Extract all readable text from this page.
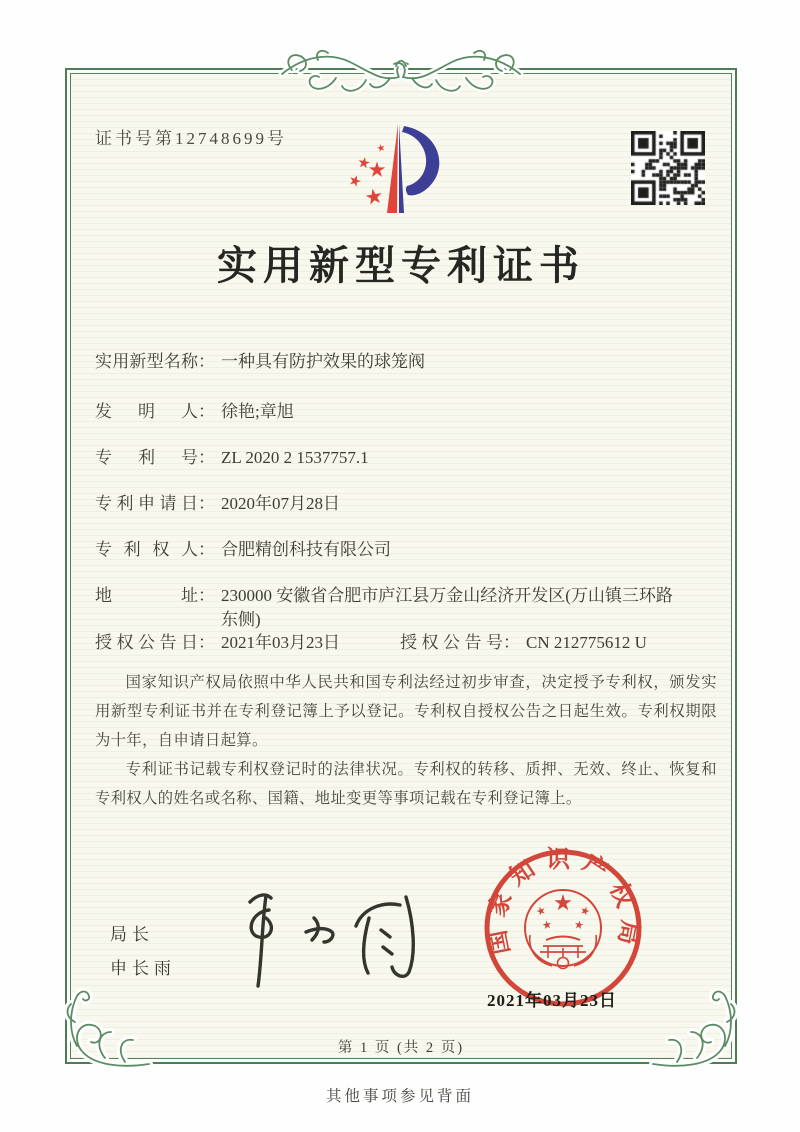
证书号第12748699号
实用新型专利证书
实用新型名称： 一种具有防护效果的球笼阀
发明人： 徐艳;章旭
专利号： ZL 2020 2 1537757.1
专利申请日： 2020年07月28日
专利权人： 合肥精创科技有限公司
地址： 230000 安徽省合肥市庐江县万金山经济开发区(万山镇三环路东侧)
授权公告日： 2021年03月23日	授权公告号： CN 212775612 U

国家知识产权局依照中华人民共和国专利法经过初步审查，决定授予专利权，颁发实用新型专利证书并在专利登记簿上予以登记。专利权自授权公告之日起生效。专利权期限为十年，自申请日起算。

专利证书记载专利权登记时的法律状况。专利权的转移、质押、无效、终止、恢复和专利权人的姓名或名称、国籍、地址变更等事项记载在专利登记簿上。

局长
申长雨
国家知识产权局
2021年03月23日
第 1 页 (共 2 页)
其他事项参见背面
